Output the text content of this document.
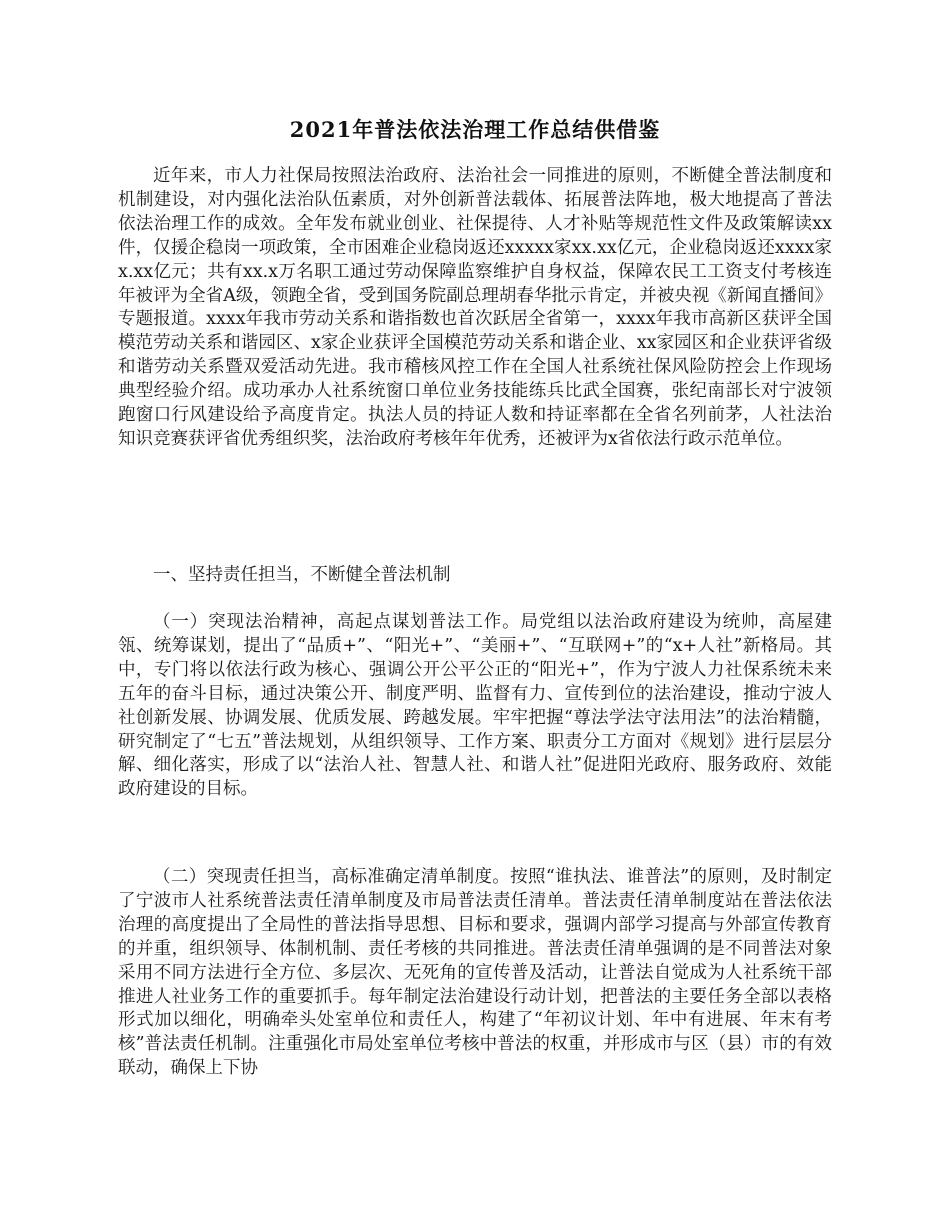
2021年普法依法治理工作总结供借鉴

近年来，市人力社保局按照法治政府、法治社会一同推进的原则，不断健全普法制度和机制建设，对内强化法治队伍素质，对外创新普法载体、拓展普法阵地，极大地提高了普法依法治理工作的成效。全年发布就业创业、社保提待、人才补贴等规范性文件及政策解读xx件，仅援企稳岗一项政策，全市困难企业稳岗返还xxxxx家xx.xx亿元，企业稳岗返还xxxx家x.xx亿元；共有xx.x万名职工通过劳动保障监察维护自身权益，保障农民工工资支付考核连年被评为全省A级，领跑全省，受到国务院副总理胡春华批示肯定，并被央视《新闻直播间》专题报道。xxxx年我市劳动关系和谐指数也首次跃居全省第一，xxxx年我市高新区获评全国模范劳动关系和谐园区、x家企业获评全国模范劳动关系和谐企业、xx家园区和企业获评省级和谐劳动关系暨双爱活动先进。我市稽核风控工作在全国人社系统社保风险防控会上作现场典型经验介绍。成功承办人社系统窗口单位业务技能练兵比武全国赛，张纪南部长对宁波领跑窗口行风建设给予高度肯定。执法人员的持证人数和持证率都在全省名列前茅，人社法治知识竞赛获评省优秀组织奖，法治政府考核年年优秀，还被评为x省依法行政示范单位。

一、坚持责任担当，不断健全普法机制

（一）突现法治精神，高起点谋划普法工作。局党组以法治政府建设为统帅，高屋建瓴、统筹谋划，提出了“品质+”、“阳光+”、“美丽+”、“互联网+”的“x+人社”新格局。其中，专门将以依法行政为核心、强调公开公平公正的“阳光+”，作为宁波人力社保系统未来五年的奋斗目标，通过决策公开、制度严明、监督有力、宣传到位的法治建设，推动宁波人社创新发展、协调发展、优质发展、跨越发展。牢牢把握“尊法学法守法用法”的法治精髓，研究制定了“七五”普法规划，从组织领导、工作方案、职责分工方面对《规划》进行层层分解、细化落实，形成了以“法治人社、智慧人社、和谐人社”促进阳光政府、服务政府、效能政府建设的目标。

（二）突现责任担当，高标准确定清单制度。按照“谁执法、谁普法”的原则，及时制定了宁波市人社系统普法责任清单制度及市局普法责任清单。普法责任清单制度站在普法依法治理的高度提出了全局性的普法指导思想、目标和要求，强调内部学习提高与外部宣传教育的并重，组织领导、体制机制、责任考核的共同推进。普法责任清单强调的是不同普法对象采用不同方法进行全方位、多层次、无死角的宣传普及活动，让普法自觉成为人社系统干部推进人社业务工作的重要抓手。每年制定法治建设行动计划，把普法的主要任务全部以表格形式加以细化，明确牵头处室单位和责任人，构建了“年初议计划、年中有进展、年末有考核”普法责任机制。注重强化市局处室单位考核中普法的权重，并形成市与区（县）市的有效联动，确保上下协
